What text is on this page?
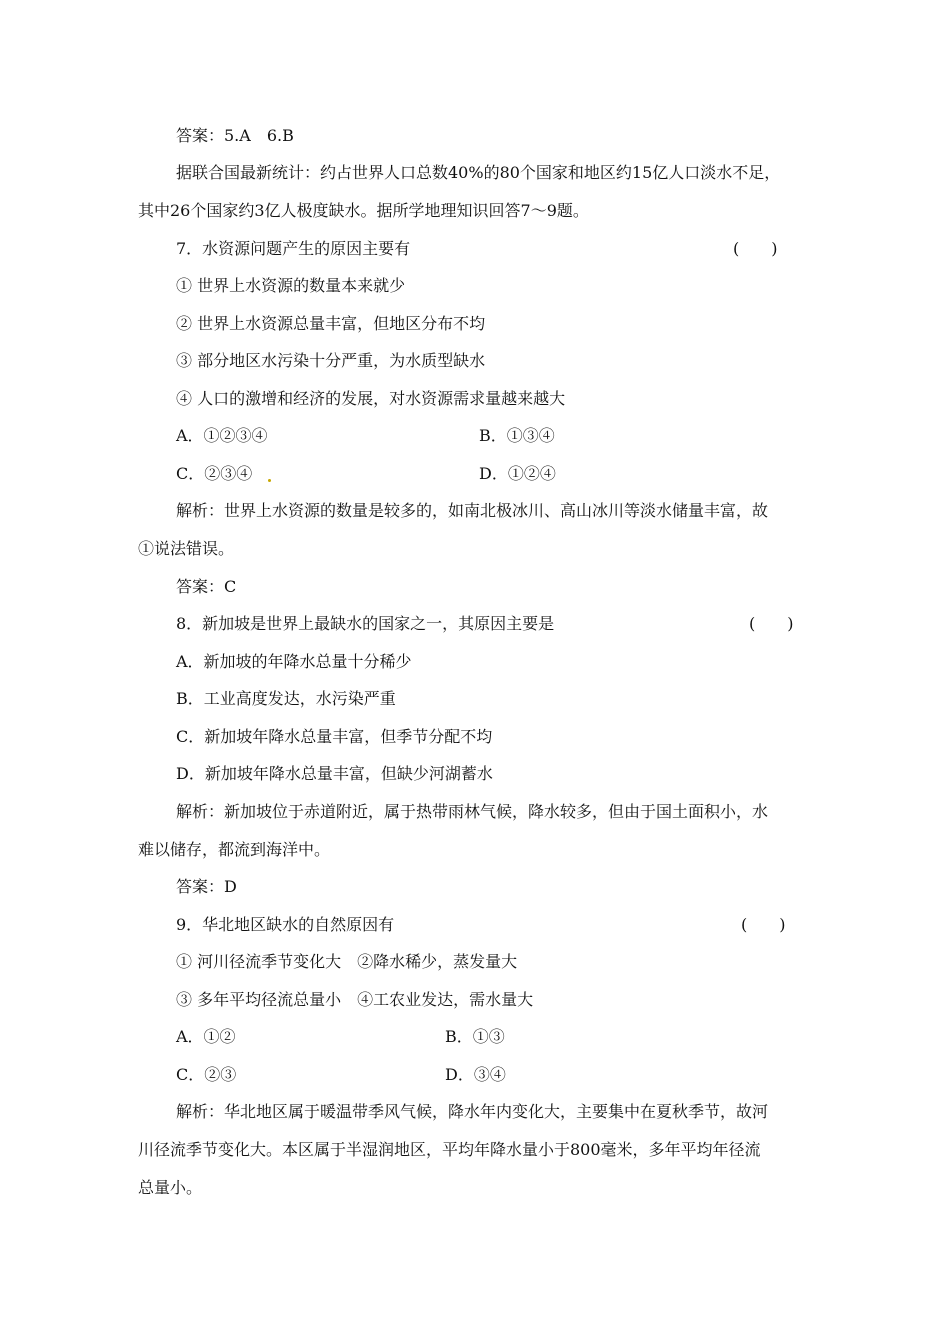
答案：5.A　6.B
据联合国最新统计：约占世界人口总数40%的80个国家和地区约15亿人口淡水不足，
其中26个国家约3亿人极度缺水。据所学地理知识回答7～9题。
7．水资源问题产生的原因主要有	(　　)
① 世界上水资源的数量本来就少
② 世界上水资源总量丰富，但地区分布不均
③ 部分地区水污染十分严重，为水质型缺水
④ 人口的激增和经济的发展，对水资源需求量越来越大
A．①②③④	B．①③④
C．②③④	D．①②④
解析：世界上水资源的数量是较多的，如南北极冰川、高山冰川等淡水储量丰富，故
①说法错误。
答案：C
8．新加坡是世界上最缺水的国家之一，其原因主要是	(　　)
A．新加坡的年降水总量十分稀少
B．工业高度发达，水污染严重
C．新加坡年降水总量丰富，但季节分配不均
D．新加坡年降水总量丰富，但缺少河湖蓄水
解析：新加坡位于赤道附近，属于热带雨林气候，降水较多，但由于国土面积小，水
难以储存，都流到海洋中。
答案：D
9．华北地区缺水的自然原因有	(　　)
① 河川径流季节变化大　②降水稀少，蒸发量大
③ 多年平均径流总量小　④工农业发达，需水量大
A．①②	B．①③
C．②③	D．③④
解析：华北地区属于暖温带季风气候，降水年内变化大，主要集中在夏秋季节，故河
川径流季节变化大。本区属于半湿润地区，平均年降水量小于800毫米，多年平均年径流
总量小。
